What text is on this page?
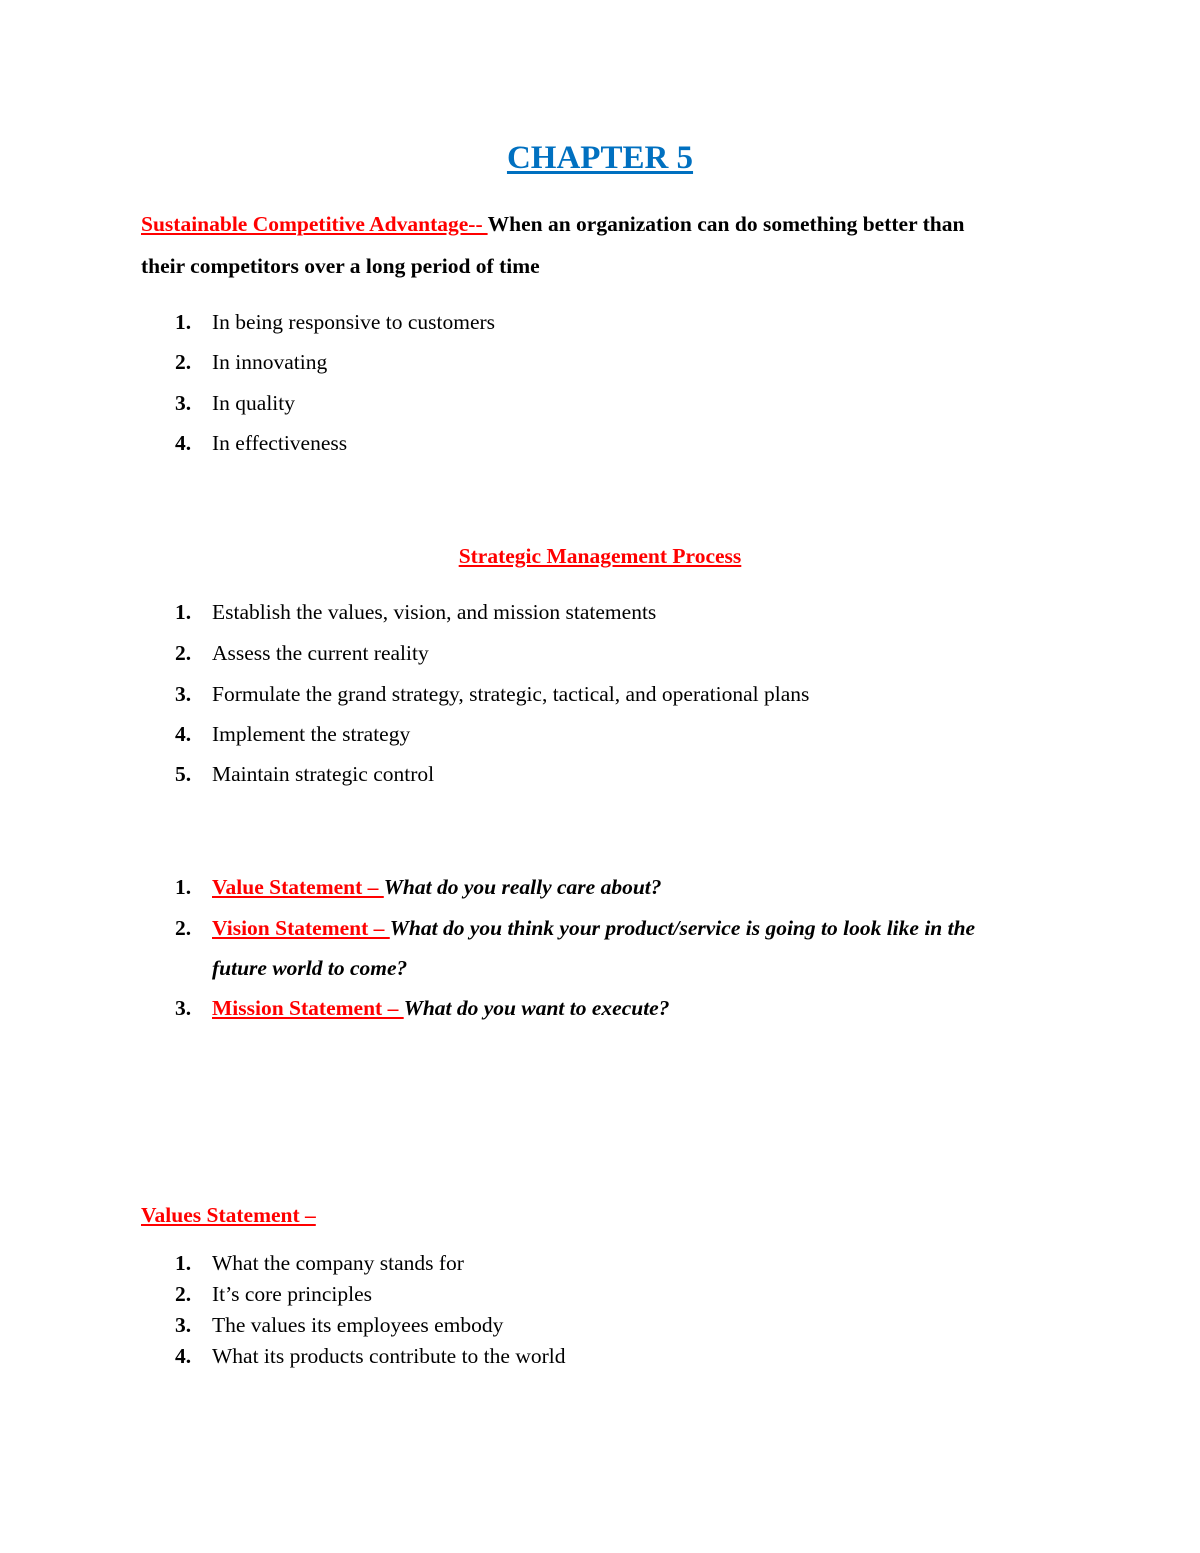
CHAPTER 5
Sustainable Competitive Advantage-- When an organization can do something better than
their competitors over a long period of time
1. In being responsive to customers
2. In innovating
3. In quality
4. In effectiveness
Strategic Management Process
1. Establish the values, vision, and mission statements
2. Assess the current reality
3. Formulate the grand strategy, strategic, tactical, and operational plans
4. Implement the strategy
5. Maintain strategic control
1. Value Statement – What do you really care about?
2. Vision Statement – What do you think your product/service is going to look like in the
future world to come?
3. Mission Statement – What do you want to execute?
Values Statement –
1. What the company stands for
2. It’s core principles
3. The values its employees embody
4. What its products contribute to the world
